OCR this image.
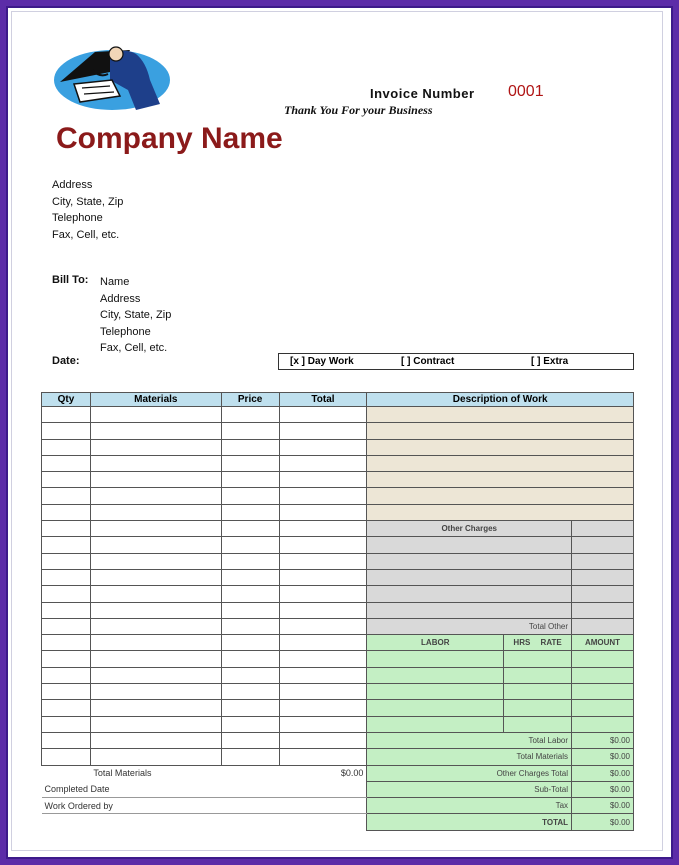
Invoice Number 0001
Thank You For your Business
Company Name
Address
City, State, Zip
Telephone
Fax, Cell, etc.
Bill To: Name
Address
City, State, Zip
Telephone
Fax, Cell, etc.
Date:	[x ] Day Work	[ ] Contract	[ ] Extra
Qty	Materials	Price	Total	Description of Work		

				Other Charges		

				Total Other		
				LABOR	HRS RATE	AMOUNT

				Total Labor		$0.00
				Total Materials		$0.00
	Total Materials		$0.00	Other Charges Total		$0.00
Completed Date				Sub-Total		$0.00
Work Ordered by				Tax		$0.00
				TOTAL		$0.00
